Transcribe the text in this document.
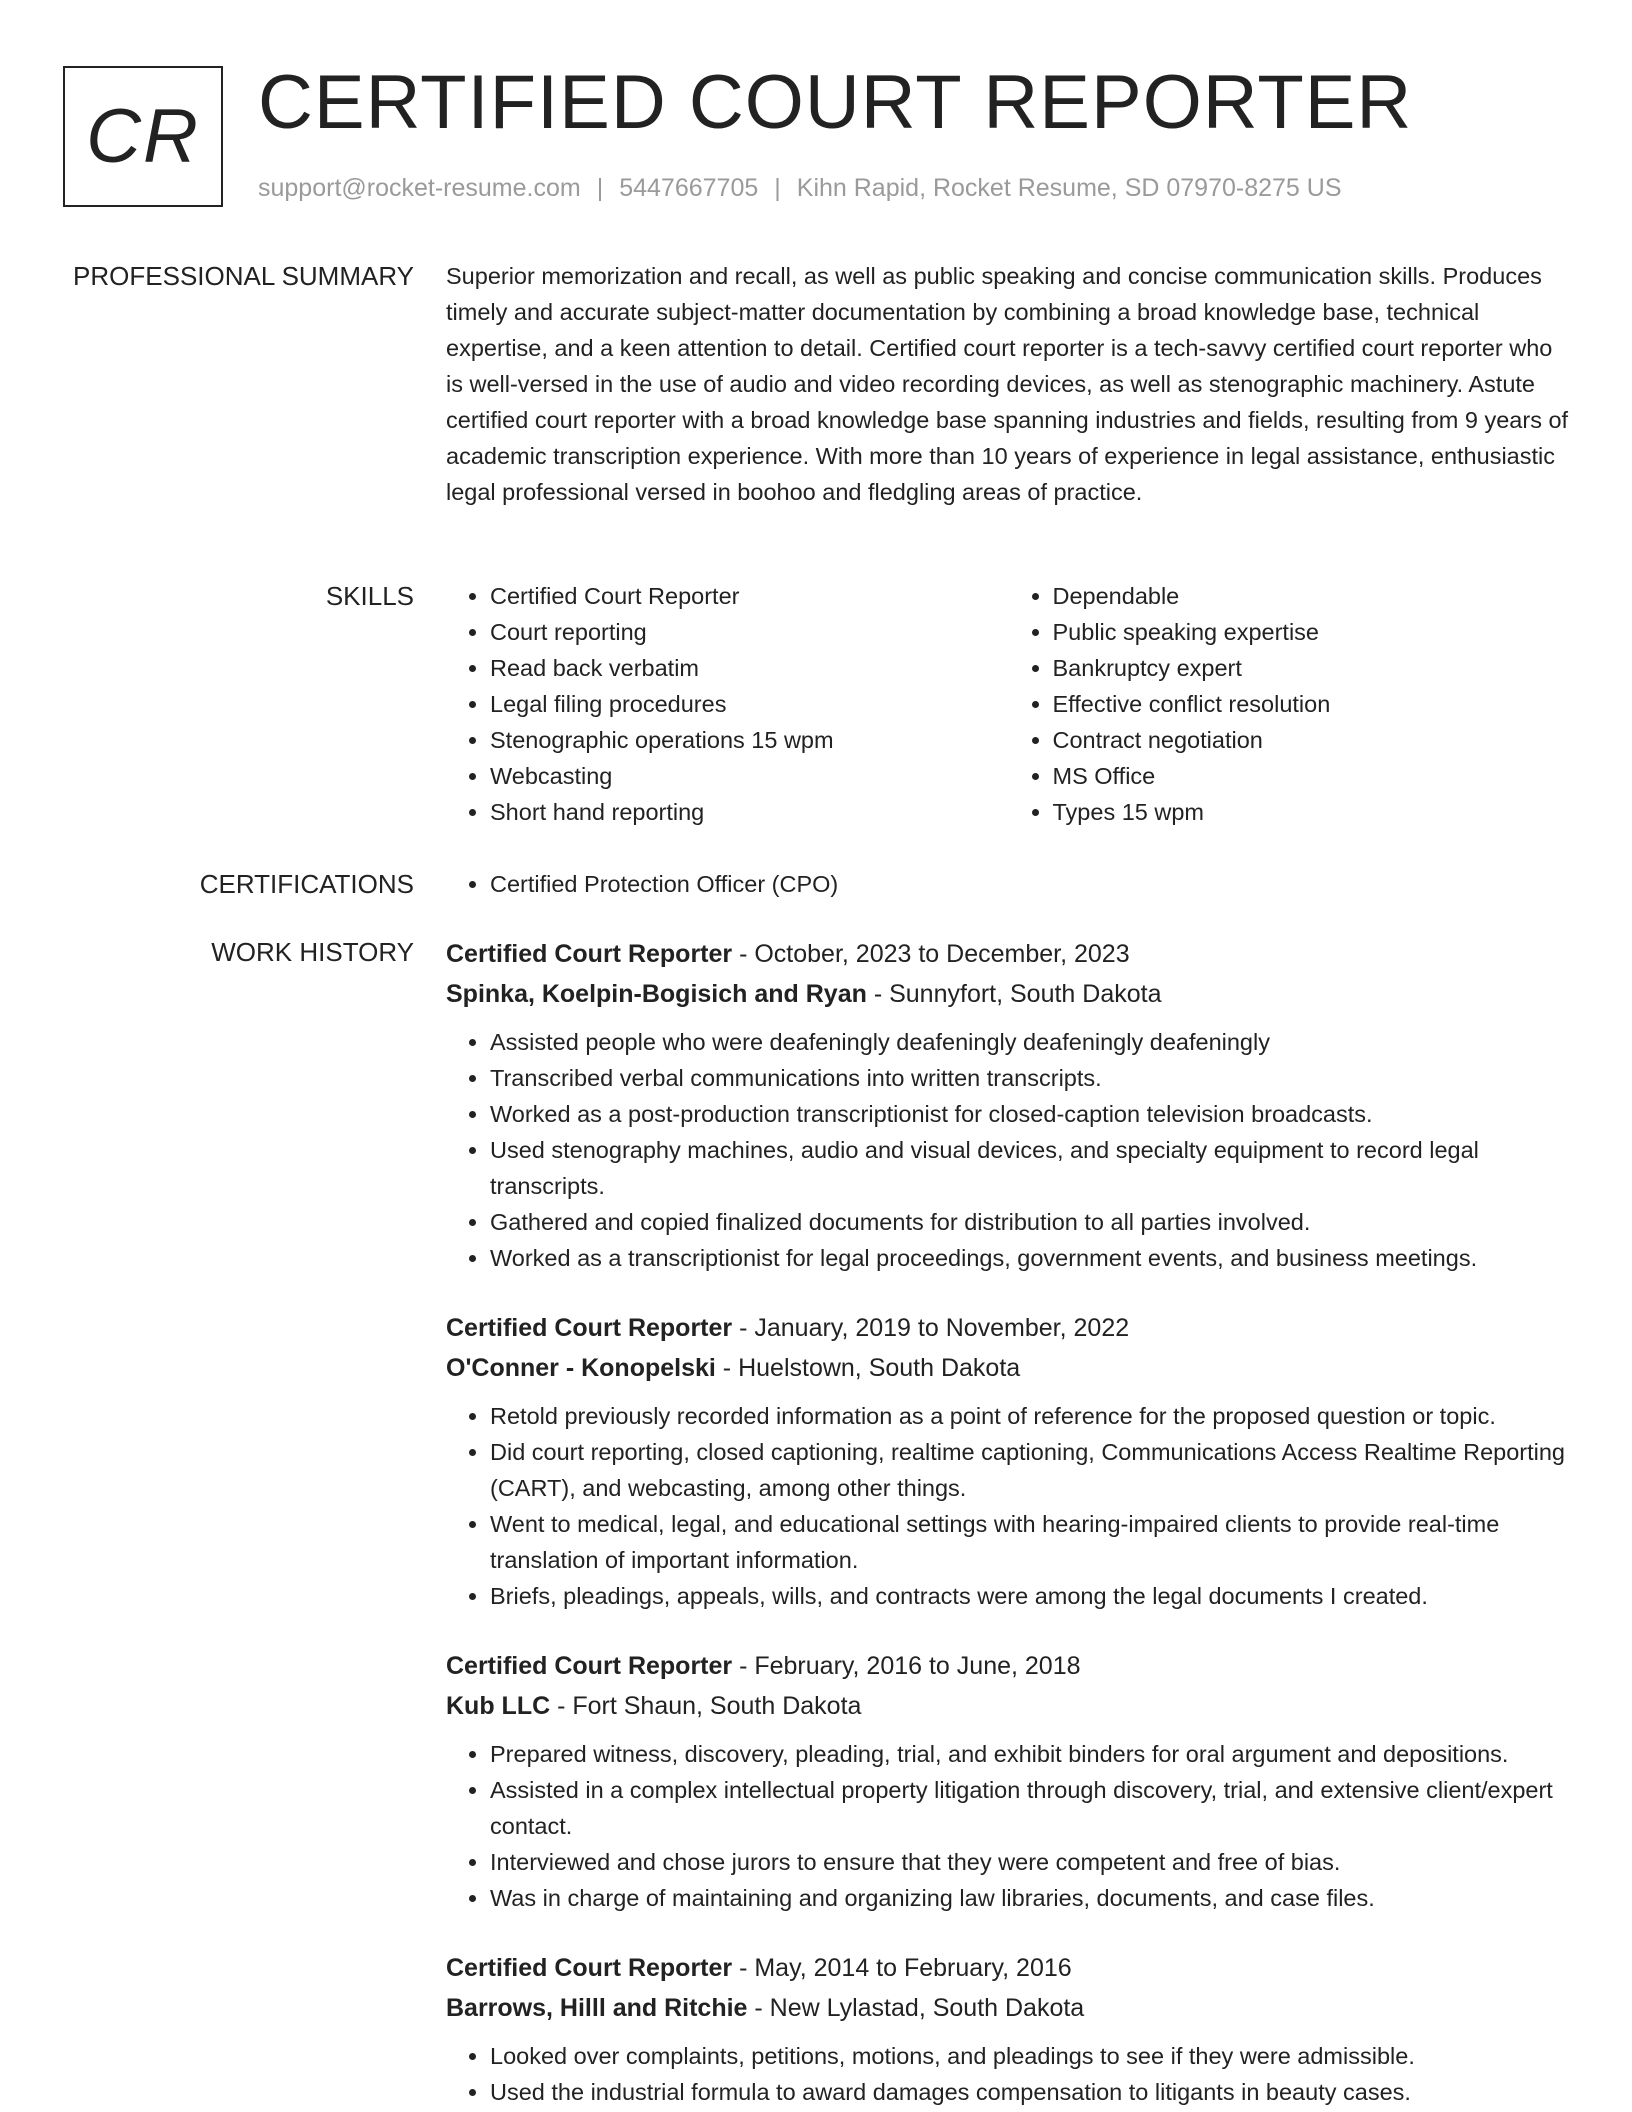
CR CERTIFIED COURT REPORTER
support@rocket-resume.com | 5447667705 | Kihn Rapid, Rocket Resume, SD 07970-8275 US
PROFESSIONAL SUMMARY Superior memorization and recall, as well as public speaking and concise communication skills. Produces timely and accurate subject-matter documentation by combining a broad knowledge base, technical expertise, and a keen attention to detail. Certified court reporter is a tech-savvy certified court reporter who is well-versed in the use of audio and video recording devices, as well as stenographic machinery. Astute certified court reporter with a broad knowledge base spanning industries and fields, resulting from 9 years of academic transcription experience. With more than 10 years of experience in legal assistance, enthusiastic legal professional versed in boohoo and fledgling areas of practice.

SKILLS	• Certified Court Reporter
• Court reporting
• Read back verbatim
• Legal filing procedures
• Stenographic operations 15 wpm
• Webcasting
• Short hand reporting
• Dependable
• Public speaking expertise
• Bankruptcy expert
• Effective conflict resolution
• Contract negotiation
• MS Office
• Types 15 wpm
CERTIFICATIONS	• Certified Protection Officer (CPO)
WORK HISTORY Certified Court Reporter - October, 2023 to December, 2023
Spinka, Koelpin-Bogisich and Ryan - Sunnyfort, South Dakota
• Assisted people who were deafeningly deafeningly deafeningly deafeningly
• Transcribed verbal communications into written transcripts.
• Worked as a post-production transcriptionist for closed-caption television broadcasts.
• Used stenography machines, audio and visual devices, and specialty equipment to record legal transcripts.
• Gathered and copied finalized documents for distribution to all parties involved.
• Worked as a transcriptionist for legal proceedings, government events, and business meetings.
Certified Court Reporter - January, 2019 to November, 2022
O'Conner - Konopelski - Huelstown, South Dakota
• Retold previously recorded information as a point of reference for the proposed question or topic.
• Did court reporting, closed captioning, realtime captioning, Communications Access Realtime Reporting (CART), and webcasting, among other things.
• Went to medical, legal, and educational settings with hearing-impaired clients to provide real-time translation of important information.
• Briefs, pleadings, appeals, wills, and contracts were among the legal documents I created.
Certified Court Reporter - February, 2016 to June, 2018
Kub LLC - Fort Shaun, South Dakota
• Prepared witness, discovery, pleading, trial, and exhibit binders for oral argument and depositions.
• Assisted in a complex intellectual property litigation through discovery, trial, and extensive client/expert contact.
• Interviewed and chose jurors to ensure that they were competent and free of bias.
• Was in charge of maintaining and organizing law libraries, documents, and case files.
Certified Court Reporter - May, 2014 to February, 2016
Barrows, Hilll and Ritchie - New Lylastad, South Dakota
• Looked over complaints, petitions, motions, and pleadings to see if they were admissible.
• Used the industrial formula to award damages compensation to litigants in beauty cases.
